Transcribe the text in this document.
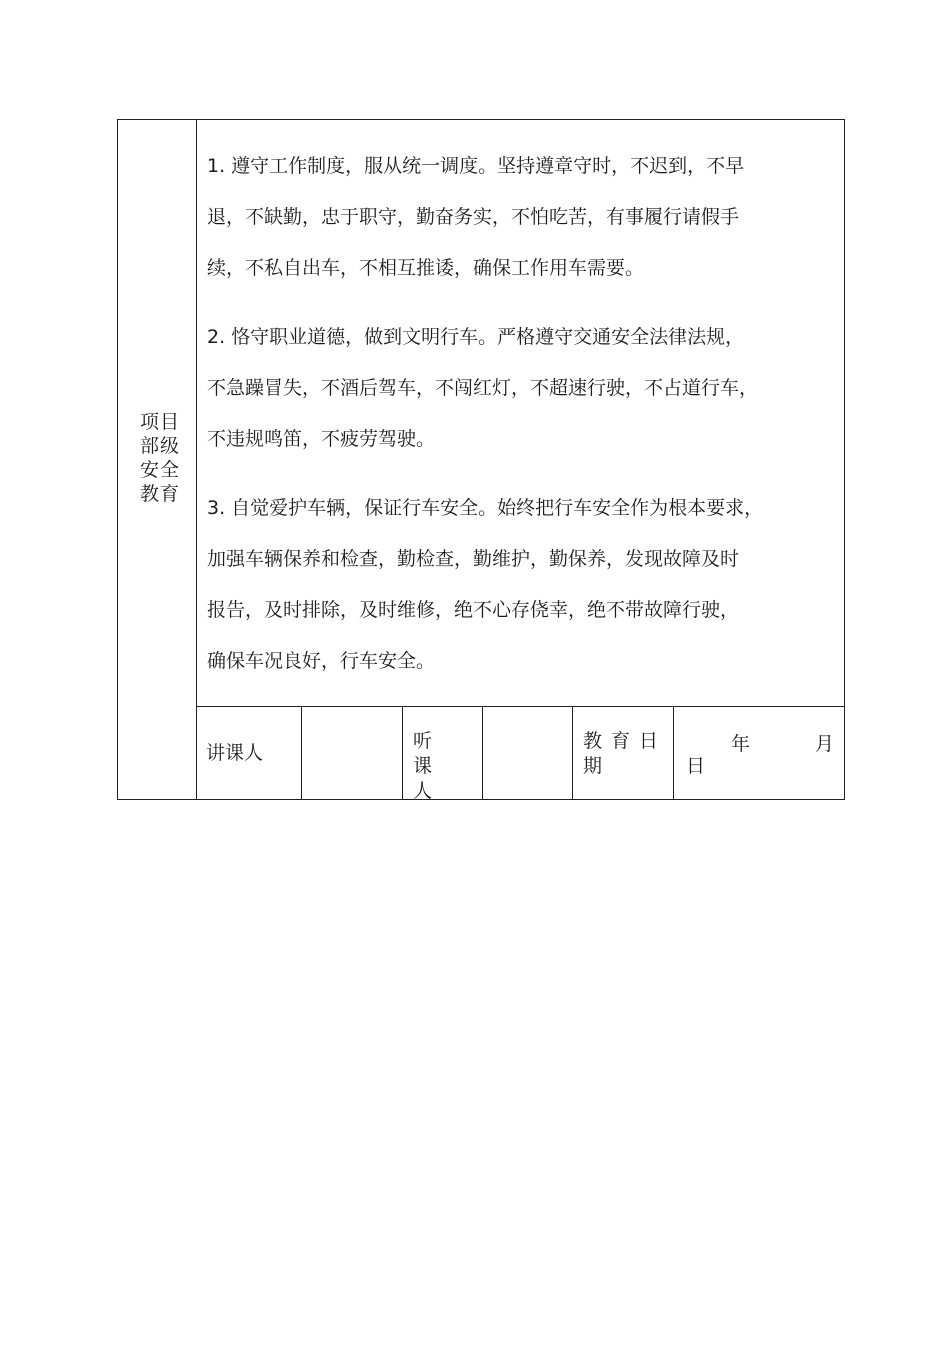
项目部级安全教育

1. 遵守工作制度，服从统一调度。坚持遵章守时，不迟到，不早
退，不缺勤，忠于职守，勤奋务实，不怕吃苦，有事履行请假手
续，不私自出车，不相互推诿，确保工作用车需要。

2. 恪守职业道德，做到文明行车。严格遵守交通安全法律法规，
不急躁冒失，不酒后驾车，不闯红灯，不超速行驶，不占道行车，
不违规鸣笛，不疲劳驾驶。

3. 自觉爱护车辆，保证行车安全。始终把行车安全作为根本要求，
加强车辆保养和检查，勤检查，勤维护，勤保养，发现故障及时
报告，及时排除，及时维修，绝不心存侥幸，绝不带故障行驶，
确保车况良好，行车安全。

讲课人
听课人
教育日期
年	月
日
